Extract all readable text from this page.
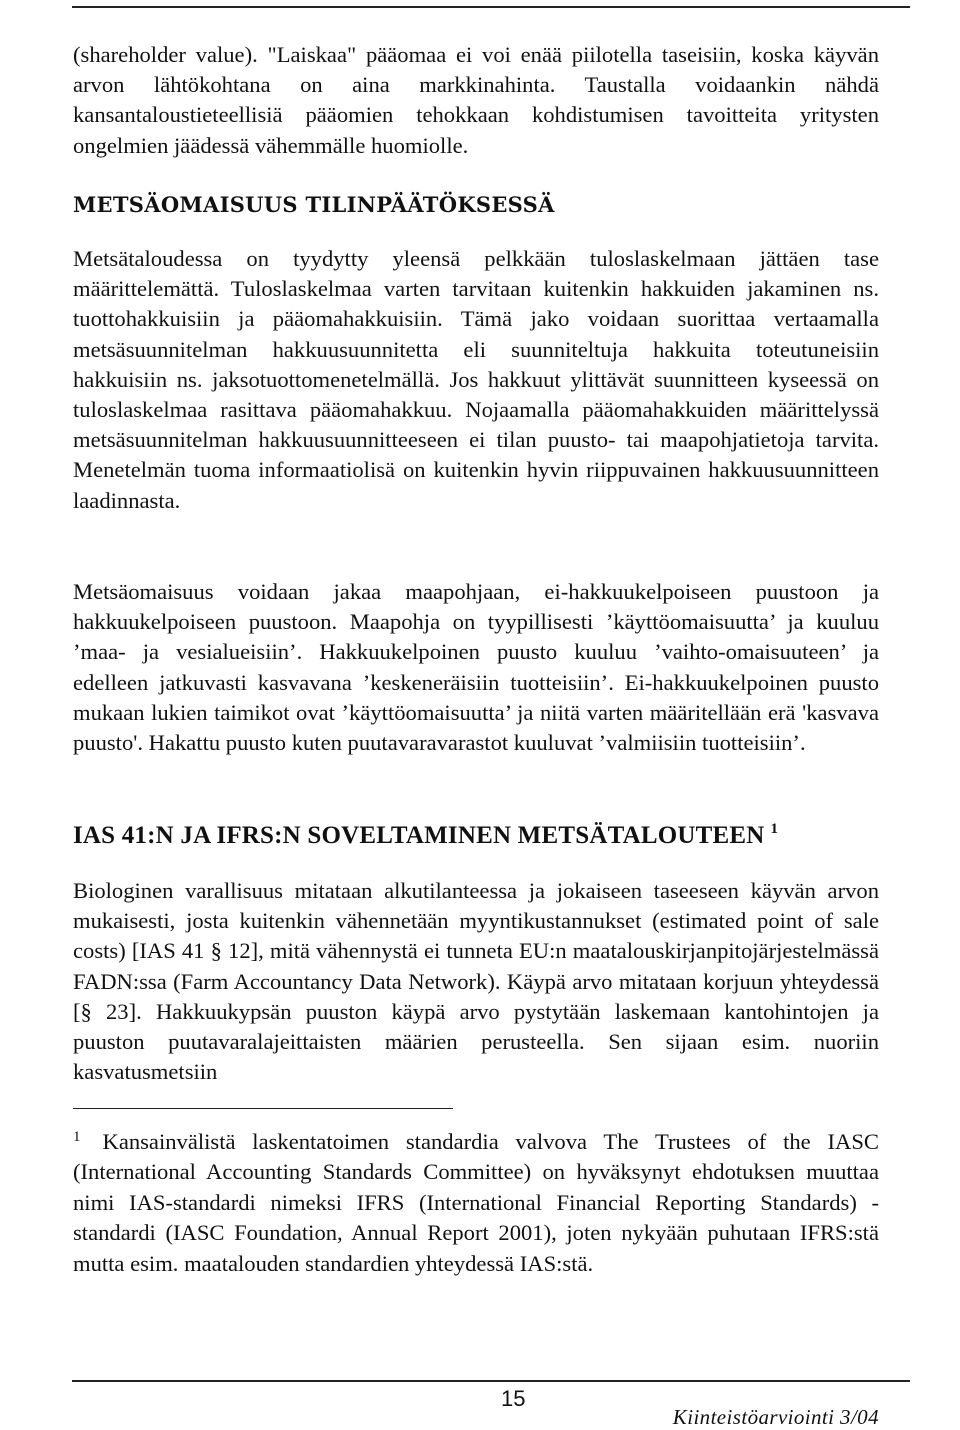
(shareholder value). "Laiskaa" pääomaa ei voi enää piilotella taseisiin, koska käyvän arvon lähtökohtana on aina markkinahinta. Taustalla voidaankin nähdä kansantaloustieteellisiä pääomien tehokkaan kohdistumisen tavoitteita yritysten ongelmien jäädessä vähemmälle huomiolle.

METSÄOMAISUUS TILINPÄÄTÖKSESSÄ

Metsätaloudessa on tyydytty yleensä pelkkään tuloslaskelmaan jättäen tase määrittelemättä. Tuloslaskelmaa varten tarvitaan kuitenkin hakkuiden jakaminen ns. tuottohakkuisiin ja pääomahakkuisiin. Tämä jako voidaan suorittaa vertaamalla metsäsuunnitelman hakkuusuunnitetta eli suunniteltuja hakkuita toteutuneisiin hakkuisiin ns. jaksotuottomenetelmällä. Jos hakkuut ylittävät suunnitteen kyseessä on tuloslaskelmaa rasittava pääomahakkuu. Nojaamalla pääomahakkuiden määrittelyssä metsäsuunnitelman hakkuusuunnitteeseen ei tilan puusto- tai maapohjatietoja tarvita. Menetelmän tuoma informaatiolisä on kuitenkin hyvin riippuvainen hakkuusuunnitteen laadinnasta.

Metsäomaisuus voidaan jakaa maapohjaan, ei-hakkuukelpoiseen puustoon ja hakkuukelpoiseen puustoon. Maapohja on tyypillisesti ’käyttöomaisuutta’ ja kuuluu ’maa- ja vesialueisiin’. Hakkuukelpoinen puusto kuuluu ’vaihto-omaisuuteen’ ja edelleen jatkuvasti kasvavana ’keskeneräisiin tuotteisiin’. Ei-hakkuukelpoinen puusto mukaan lukien taimikot ovat ’käyttöomaisuutta’ ja niitä varten määritellään erä 'kasvava puusto'. Hakattu puusto kuten puutavaravarastot kuuluvat ’valmiisiin tuotteisiin’.

IAS 41:N JA IFRS:N SOVELTAMINEN METSÄTALOUTEEN $^1$

Biologinen varallisuus mitataan alkutilanteessa ja jokaiseen taseeseen käyvän arvon mukaisesti, josta kuitenkin vähennetään myyntikustannukset (estimated point of sale costs) [IAS 41 § 12], mitä vähennystä ei tunneta EU:n maatalouskirjanpitojärjestelmässä FADN:ssa (Farm Accountancy Data Network). Käypä arvo mitataan korjuun yhteydessä [§ 23]. Hakkuukypsän puuston käypä arvo pystytään laskemaan kantohintojen ja puuston puutavaralajeittaisten määrien perusteella. Sen sijaan esim. nuoriin kasvatusmetsiin

$^1$ Kansainvälistä laskentatoimen standardia valvova The Trustees of the IASC (International Accounting Standards Committee) on hyväksynyt ehdotuksen muuttaa nimi IAS-standardi nimeksi IFRS (International Financial Reporting Standards) -standardi (IASC Foundation, Annual Report 2001), joten nykyään puhutaan IFRS:stä mutta esim. maatalouden standardien yhteydessä IAS:stä.

15
Kiinteistöarviointi 3/04
